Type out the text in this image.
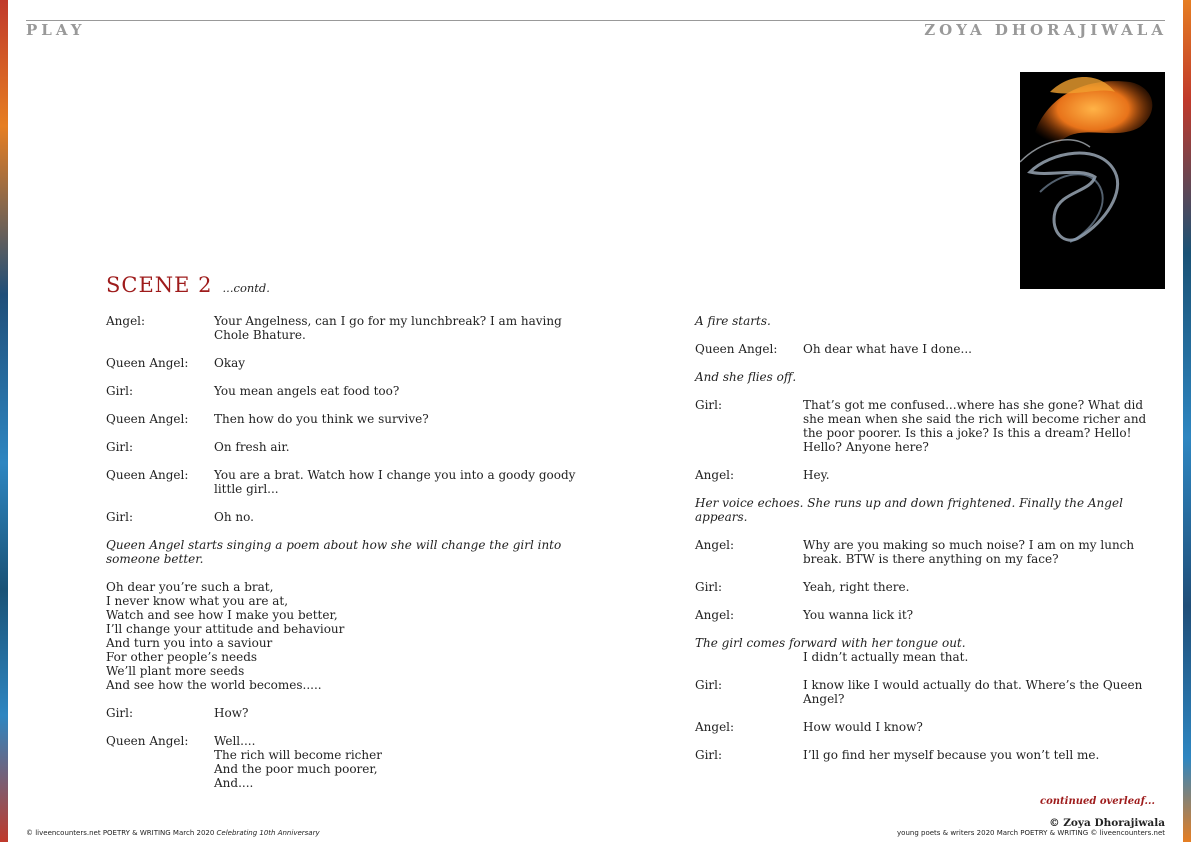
PLAY	ZOYA DHORAJIWALA
SCENE 2 ...contd.
Angel:	Your Angelness, can I go for my lunchbreak? I am having Chole Bhature.
Queen Angel:	Okay
Girl:	You mean angels eat food too?
Queen Angel:	Then how do you think we survive?
Girl:	On fresh air.
Queen Angel:	You are a brat. Watch how I change you into a goody goody little girl...
Girl:	Oh no.
Queen Angel starts singing a poem about how she will change the girl into someone better.
Oh dear you’re such a brat,
I never know what you are at,
Watch and see how I make you better,
I’ll change your attitude and behaviour
And turn you into a saviour
For other people’s needs
We’ll plant more seeds
And see how the world becomes.....
Girl:	How?
Queen Angel:	Well....
The rich will become richer
And the poor much poorer,
And....
A fire starts.
Queen Angel:	Oh dear what have I done...
And she flies off.
Girl:	That’s got me confused...where has she gone? What did she mean when she said the rich will become richer and the poor poorer. Is this a joke? Is this a dream? Hello! Hello? Anyone here?
Angel:	Hey.
Her voice echoes. She runs up and down frightened. Finally the Angel appears.
Angel:	Why are you making so much noise? I am on my lunch break. BTW is there anything on my face?
Girl:	Yeah, right there.
Angel:	You wanna lick it?
The girl comes forward with her tongue out.
I didn’t actually mean that.
Girl:	I know like I would actually do that. Where’s the Queen Angel?
Angel:	How would I know?
Girl:	I’ll go find her myself because you won’t tell me.
continued overleaf...
© Zoya Dhorajiwala
© liveencounters.net POETRY & WRITING March 2020 Celebrating 10th Anniversary	young poets & writers 2020 March POETRY & WRITING © liveencounters.net
